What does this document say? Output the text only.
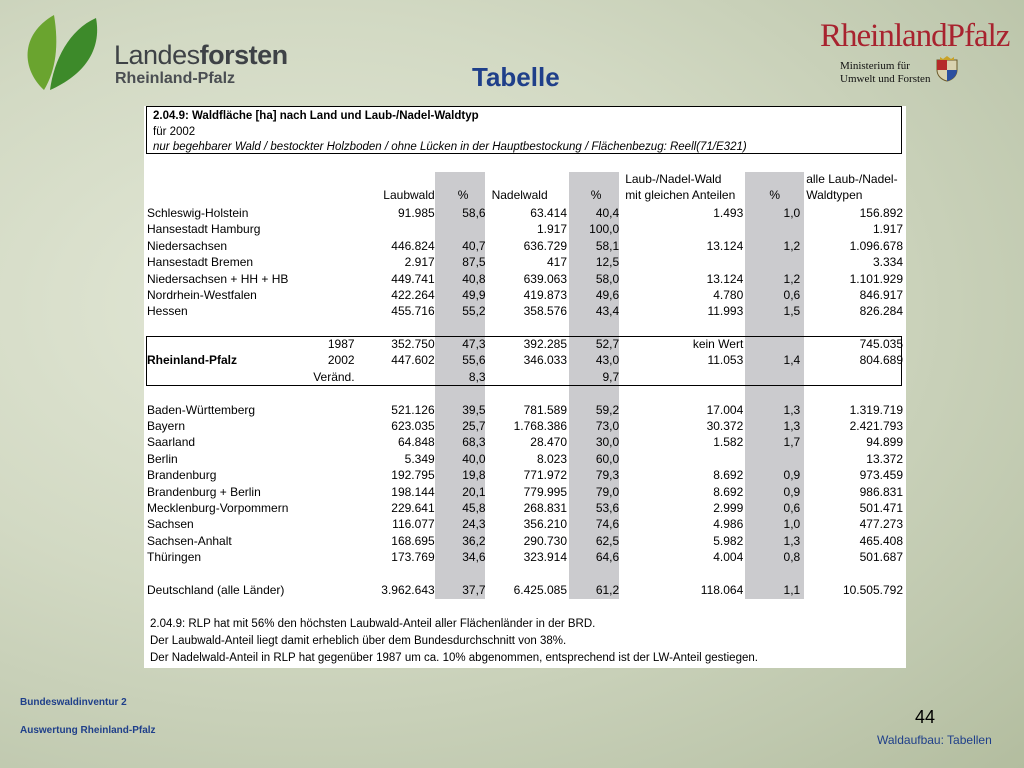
Landesforsten
Rheinland-Pfalz	Tabelle
RheinlandPfalz
Ministerium für
Umwelt und Forsten
2.04.9: Waldfläche [ha] nach Land und Laub-/Nadel-Waldtyp
für 2002
nur begehbarer Wald / bestockter Holzboden / ohne Lücken in der Hauptbestockung / Flächenbezug: Reell(71/E321)
						Laub-/Nadel-Wald		alle Laub-/Nadel-
		Laubwald	%	Nadelwald	%	mit gleichen Anteilen	%	Waldtypen
Schleswig-Holstein		91.985	58,6	63.414	40,4	1.493	1,0	156.892
Hansestadt Hamburg				1.917	100,0			1.917
Niedersachsen		446.824	40,7	636.729	58,1	13.124	1,2	1.096.678
Hansestadt Bremen		2.917	87,5	417	12,5			3.334
Niedersachsen + HH + HB		449.741	40,8	639.063	58,0	13.124	1,2	1.101.929
Nordrhein-Westfalen		422.264	49,9	419.873	49,6	4.780	0,6	846.917
Hessen		455.716	55,2	358.576	43,4	11.993	1,5	826.284

	1987	352.750	47,3	392.285	52,7	kein Wert		745.035
Rheinland-Pfalz	2002	447.602	55,6	346.033	43,0	11.053	1,4	804.689
	Veränd.		8,3		9,7			

Baden-Württemberg		521.126	39,5	781.589	59,2	17.004	1,3	1.319.719
Bayern		623.035	25,7	1.768.386	73,0	30.372	1,3	2.421.793
Saarland		64.848	68,3	28.470	30,0	1.582	1,7	94.899
Berlin		5.349	40,0	8.023	60,0			13.372
Brandenburg		192.795	19,8	771.972	79,3	8.692	0,9	973.459
Brandenburg + Berlin		198.144	20,1	779.995	79,0	8.692	0,9	986.831
Mecklenburg-Vorpommern		229.641	45,8	268.831	53,6	2.999	0,6	501.471
Sachsen		116.077	24,3	356.210	74,6	4.986	1,0	477.273
Sachsen-Anhalt		168.695	36,2	290.730	62,5	5.982	1,3	465.408
Thüringen		173.769	34,6	323.914	64,6	4.004	0,8	501.687

Deutschland (alle Länder)		3.962.643	37,7	6.425.085	61,2	118.064	1,1	10.505.792
2.04.9: RLP hat mit 56% den höchsten Laubwald-Anteil aller Flächenländer in der BRD.
Der Laubwald-Anteil liegt damit erheblich über dem Bundesdurchschnitt von 38%.
Der Nadelwald-Anteil in RLP hat gegenüber 1987 um ca. 10% abgenommen, entsprechend ist der LW-Anteil gestiegen.
Bundeswaldinventur 2
Auswertung Rheinland-Pfalz
44
Waldaufbau: Tabellen
